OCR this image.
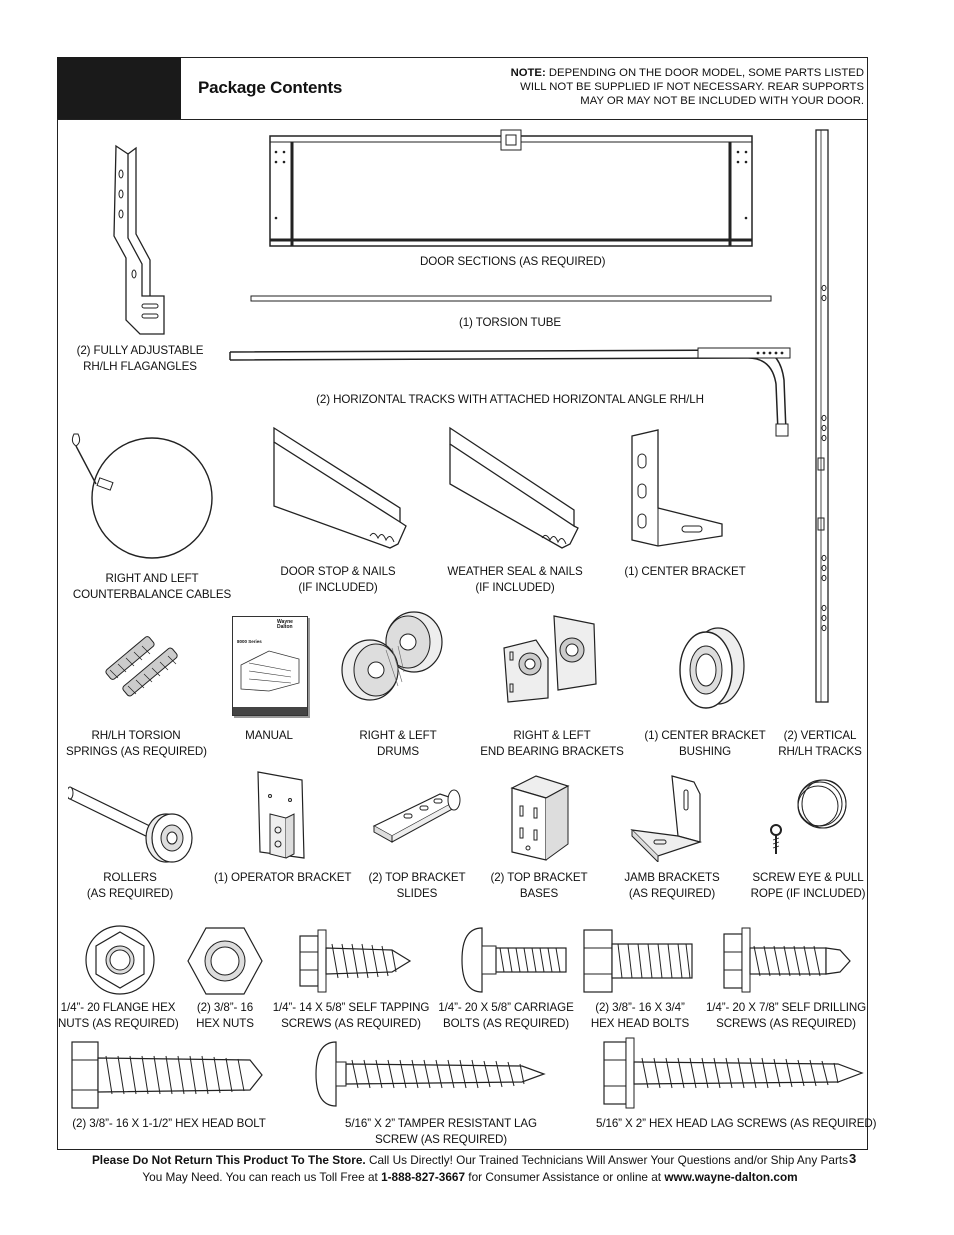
Package Contents
NOTE: DEPENDING ON THE DOOR MODEL, SOME PARTS LISTED WILL NOT BE SUPPLIED IF NOT NECESSARY. REAR SUPPORTS MAY OR MAY NOT BE INCLUDED WITH YOUR DOOR.
DOOR SECTIONS (AS REQUIRED)
(1) TORSION TUBE
(2) HORIZONTAL TRACKS WITH ATTACHED HORIZONTAL ANGLE RH/LH
(2) FULLY ADJUSTABLE
RH/LH FLAGANGLES
(2) VERTICAL
RH/LH TRACKS
RIGHT AND LEFT
COUNTERBALANCE CABLES
DOOR STOP & NAILS
(IF INCLUDED)
WEATHER SEAL & NAILS
(IF INCLUDED)
(1) CENTER BRACKET
RH/LH TORSION
SPRINGS (AS REQUIRED)
Wayne Dalton
8000 Series
MANUAL	RIGHT & LEFT
DRUMS
RIGHT & LEFT
END BEARING BRACKETS
(1) CENTER BRACKET
BUSHING
ROLLERS
(AS REQUIRED)
(1) OPERATOR BRACKET	(2) TOP BRACKET
SLIDES
(2) TOP BRACKET
BASES
JAMB BRACKETS
(AS REQUIRED)
SCREW EYE & PULL
ROPE (IF INCLUDED)
1/4”- 20 FLANGE HEX
NUTS (AS REQUIRED)
(2) 3/8”- 16
HEX NUTS
1/4”- 14 X 5/8” SELF TAPPING
SCREWS (AS REQUIRED)
1/4”- 20 X 5/8” CARRIAGE
BOLTS (AS REQUIRED)
(2) 3/8”- 16 X 3/4”
HEX HEAD BOLTS
1/4”- 20 X 7/8” SELF DRILLING
SCREWS (AS REQUIRED)
(2) 3/8”- 16 X 1-1/2” HEX HEAD BOLT	5/16” X 2” TAMPER RESISTANT LAG
SCREW (AS REQUIRED)
5/16” X 2” HEX HEAD LAG SCREWS (AS REQUIRED)
Please Do Not Return This Product To The Store. Call Us Directly! Our Trained Technicians Will Answer Your Questions and/or Ship Any Parts
You May Need. You can reach us Toll Free at 1-888-827-3667 for Consumer Assistance or online at www.wayne-dalton.com
3
